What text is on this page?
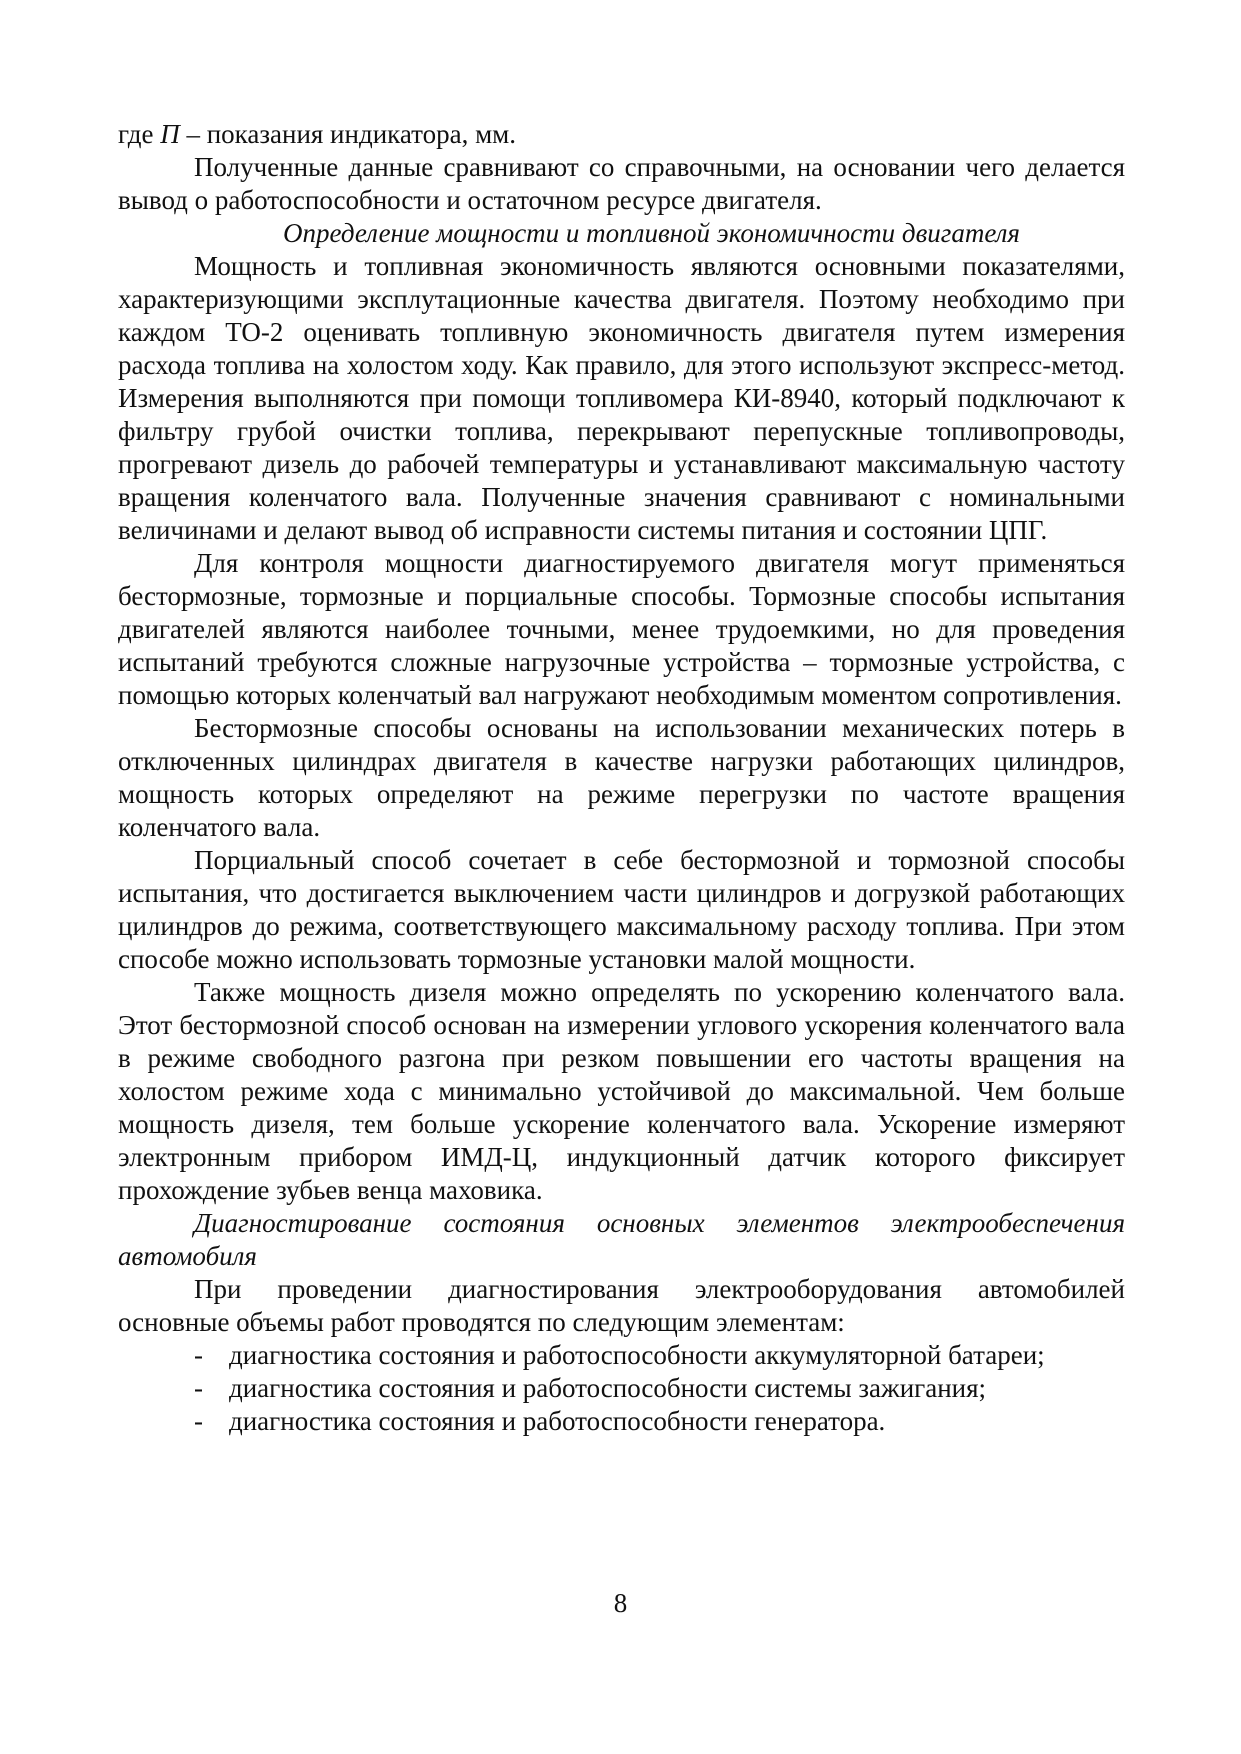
где П – показания индикатора, мм.

Полученные данные сравнивают со справочными, на основании чего делается вывод о работоспособности и остаточном ресурсе двигателя.

Определение мощности и топливной экономичности двигателя

Мощность и топливная экономичность являются основными показателями, характеризующими эксплутационные качества двигателя. Поэтому необходимо при каждом ТО-2 оценивать топливную экономичность двигателя путем измерения расхода топлива на холостом ходу. Как правило, для этого используют экспресс-метод. Измерения выполняются при помощи топливомера КИ-8940, который подключают к фильтру грубой очистки топлива, перекрывают перепускные топливопроводы, прогревают дизель до рабочей температуры и устанавливают максимальную частоту вращения коленчатого вала. Полученные значения сравнивают с номинальными величинами и делают вывод об исправности системы питания и состоянии ЦПГ.

Для контроля мощности диагностируемого двигателя могут применяться бестормозные, тормозные и порциальные способы. Тормозные способы испытания двигателей являются наиболее точными, менее трудоемкими, но для проведения испытаний требуются сложные нагрузочные устройства – тормозные устройства, с помощью которых коленчатый вал нагружают необходимым моментом сопротивления.

Бестормозные способы основаны на использовании механических потерь в отключенных цилиндрах двигателя в качестве нагрузки работающих цилиндров, мощность которых определяют на режиме перегрузки по частоте вращения коленчатого вала.

Порциальный способ сочетает в себе бестормозной и тормозной способы испытания, что достигается выключением части цилиндров и догрузкой работающих цилиндров до режима, соответствующего максимальному расходу топлива. При этом способе можно использовать тормозные установки малой мощности.

Также мощность дизеля можно определять по ускорению коленчатого вала. Этот бестормозной способ основан на измерении углового ускорения коленчатого вала в режиме свободного разгона при резком повышении его частоты вращения на холостом режиме хода с минимально устойчивой до максимальной. Чем больше мощность дизеля, тем больше ускорение коленчатого вала. Ускорение измеряют электронным прибором ИМД-Ц, индукционный датчик которого фиксирует прохождение зубьев венца маховика.

Диагностирование состояния основных элементов электрообеспечения автомобиля

При проведении диагностирования электрооборудования автомобилей основные объемы работ проводятся по следующим элементам:

- диагностика состояния и работоспособности аккумуляторной батареи;
- диагностика состояния и работоспособности системы зажигания;
- диагностика состояния и работоспособности генератора.
8
